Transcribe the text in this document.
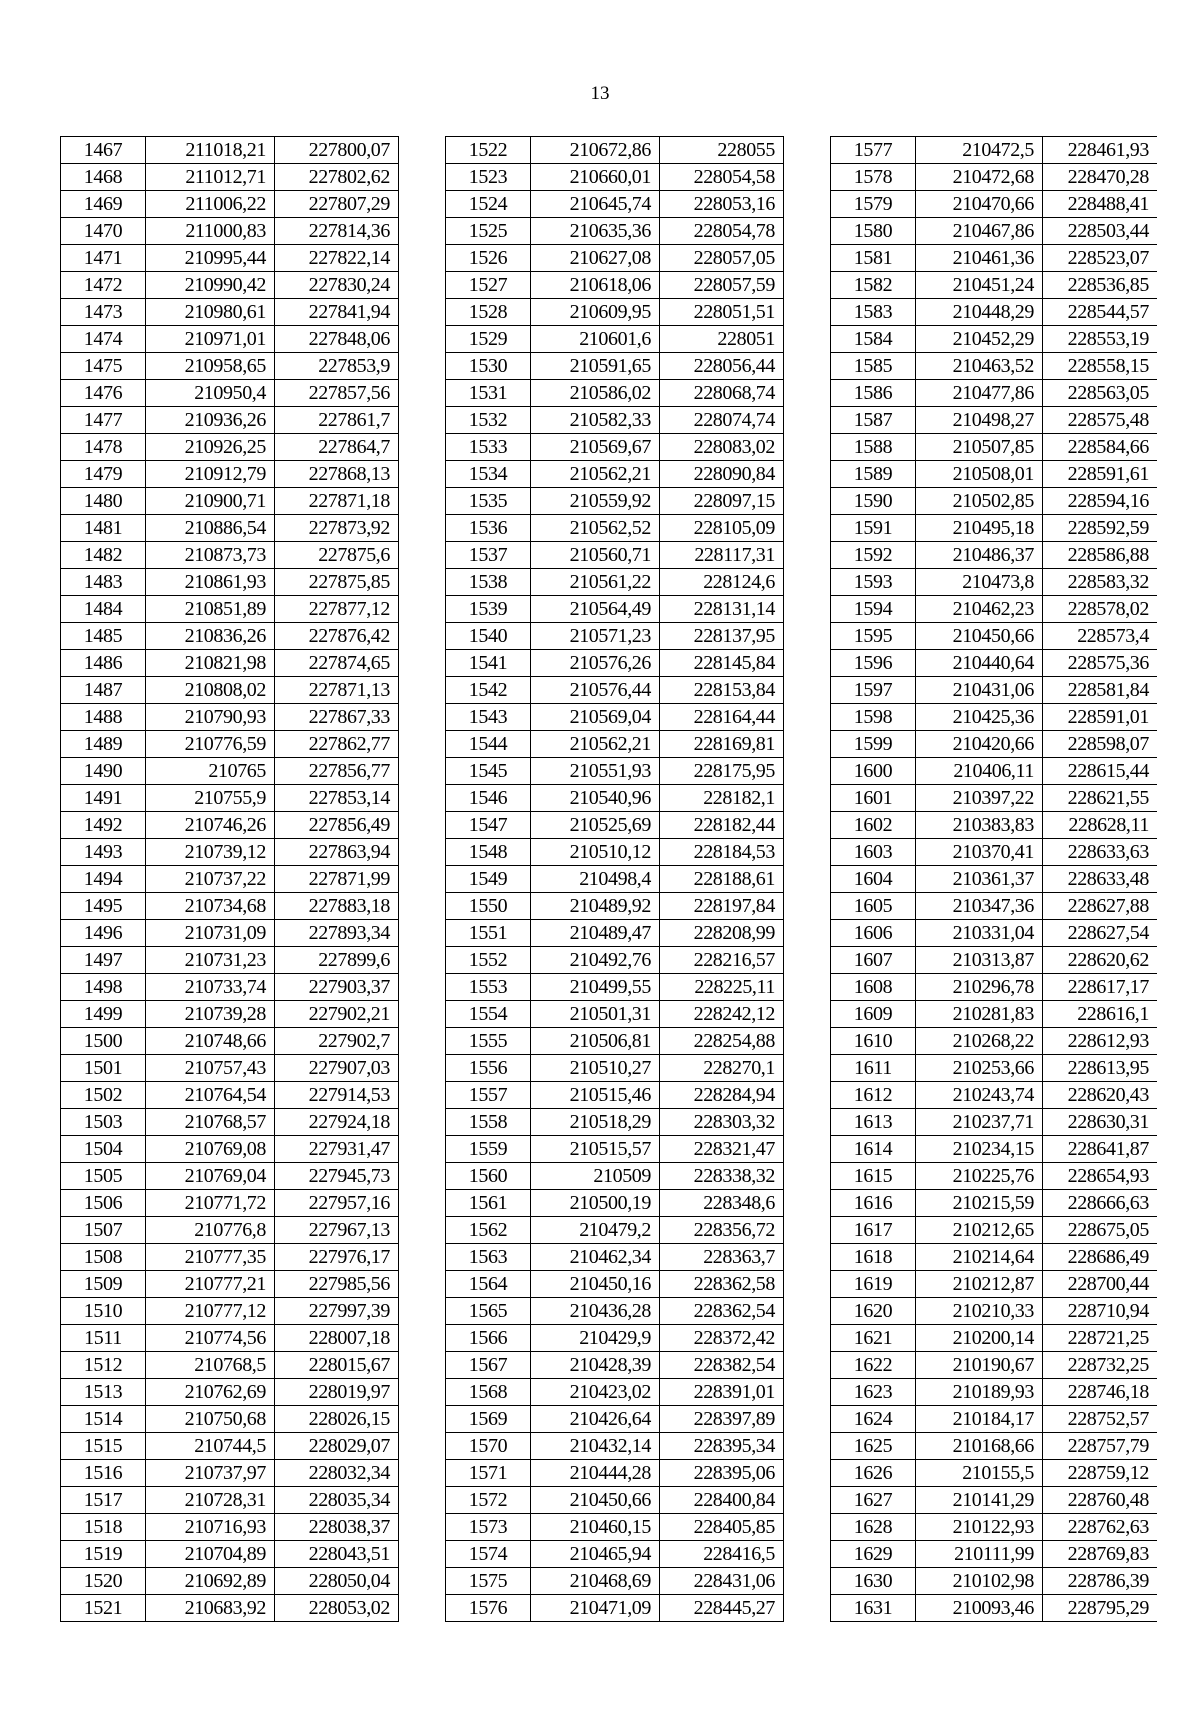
13
1467	211018,21	227800,07
1468	211012,71	227802,62
1469	211006,22	227807,29
1470	211000,83	227814,36
1471	210995,44	227822,14
1472	210990,42	227830,24
1473	210980,61	227841,94
1474	210971,01	227848,06
1475	210958,65	227853,9
1476	210950,4	227857,56
1477	210936,26	227861,7
1478	210926,25	227864,7
1479	210912,79	227868,13
1480	210900,71	227871,18
1481	210886,54	227873,92
1482	210873,73	227875,6
1483	210861,93	227875,85
1484	210851,89	227877,12
1485	210836,26	227876,42
1486	210821,98	227874,65
1487	210808,02	227871,13
1488	210790,93	227867,33
1489	210776,59	227862,77
1490	210765	227856,77
1491	210755,9	227853,14
1492	210746,26	227856,49
1493	210739,12	227863,94
1494	210737,22	227871,99
1495	210734,68	227883,18
1496	210731,09	227893,34
1497	210731,23	227899,6
1498	210733,74	227903,37
1499	210739,28	227902,21
1500	210748,66	227902,7
1501	210757,43	227907,03
1502	210764,54	227914,53
1503	210768,57	227924,18
1504	210769,08	227931,47
1505	210769,04	227945,73
1506	210771,72	227957,16
1507	210776,8	227967,13
1508	210777,35	227976,17
1509	210777,21	227985,56
1510	210777,12	227997,39
1511	210774,56	228007,18
1512	210768,5	228015,67
1513	210762,69	228019,97
1514	210750,68	228026,15
1515	210744,5	228029,07
1516	210737,97	228032,34
1517	210728,31	228035,34
1518	210716,93	228038,37
1519	210704,89	228043,51
1520	210692,89	228050,04
1521	210683,92	228053,02
1522	210672,86	228055
1523	210660,01	228054,58
1524	210645,74	228053,16
1525	210635,36	228054,78
1526	210627,08	228057,05
1527	210618,06	228057,59
1528	210609,95	228051,51
1529	210601,6	228051
1530	210591,65	228056,44
1531	210586,02	228068,74
1532	210582,33	228074,74
1533	210569,67	228083,02
1534	210562,21	228090,84
1535	210559,92	228097,15
1536	210562,52	228105,09
1537	210560,71	228117,31
1538	210561,22	228124,6
1539	210564,49	228131,14
1540	210571,23	228137,95
1541	210576,26	228145,84
1542	210576,44	228153,84
1543	210569,04	228164,44
1544	210562,21	228169,81
1545	210551,93	228175,95
1546	210540,96	228182,1
1547	210525,69	228182,44
1548	210510,12	228184,53
1549	210498,4	228188,61
1550	210489,92	228197,84
1551	210489,47	228208,99
1552	210492,76	228216,57
1553	210499,55	228225,11
1554	210501,31	228242,12
1555	210506,81	228254,88
1556	210510,27	228270,1
1557	210515,46	228284,94
1558	210518,29	228303,32
1559	210515,57	228321,47
1560	210509	228338,32
1561	210500,19	228348,6
1562	210479,2	228356,72
1563	210462,34	228363,7
1564	210450,16	228362,58
1565	210436,28	228362,54
1566	210429,9	228372,42
1567	210428,39	228382,54
1568	210423,02	228391,01
1569	210426,64	228397,89
1570	210432,14	228395,34
1571	210444,28	228395,06
1572	210450,66	228400,84
1573	210460,15	228405,85
1574	210465,94	228416,5
1575	210468,69	228431,06
1576	210471,09	228445,27
1577	210472,5	228461,93
1578	210472,68	228470,28
1579	210470,66	228488,41
1580	210467,86	228503,44
1581	210461,36	228523,07
1582	210451,24	228536,85
1583	210448,29	228544,57
1584	210452,29	228553,19
1585	210463,52	228558,15
1586	210477,86	228563,05
1587	210498,27	228575,48
1588	210507,85	228584,66
1589	210508,01	228591,61
1590	210502,85	228594,16
1591	210495,18	228592,59
1592	210486,37	228586,88
1593	210473,8	228583,32
1594	210462,23	228578,02
1595	210450,66	228573,4
1596	210440,64	228575,36
1597	210431,06	228581,84
1598	210425,36	228591,01
1599	210420,66	228598,07
1600	210406,11	228615,44
1601	210397,22	228621,55
1602	210383,83	228628,11
1603	210370,41	228633,63
1604	210361,37	228633,48
1605	210347,36	228627,88
1606	210331,04	228627,54
1607	210313,87	228620,62
1608	210296,78	228617,17
1609	210281,83	228616,1
1610	210268,22	228612,93
1611	210253,66	228613,95
1612	210243,74	228620,43
1613	210237,71	228630,31
1614	210234,15	228641,87
1615	210225,76	228654,93
1616	210215,59	228666,63
1617	210212,65	228675,05
1618	210214,64	228686,49
1619	210212,87	228700,44
1620	210210,33	228710,94
1621	210200,14	228721,25
1622	210190,67	228732,25
1623	210189,93	228746,18
1624	210184,17	228752,57
1625	210168,66	228757,79
1626	210155,5	228759,12
1627	210141,29	228760,48
1628	210122,93	228762,63
1629	210111,99	228769,83
1630	210102,98	228786,39
1631	210093,46	228795,29
